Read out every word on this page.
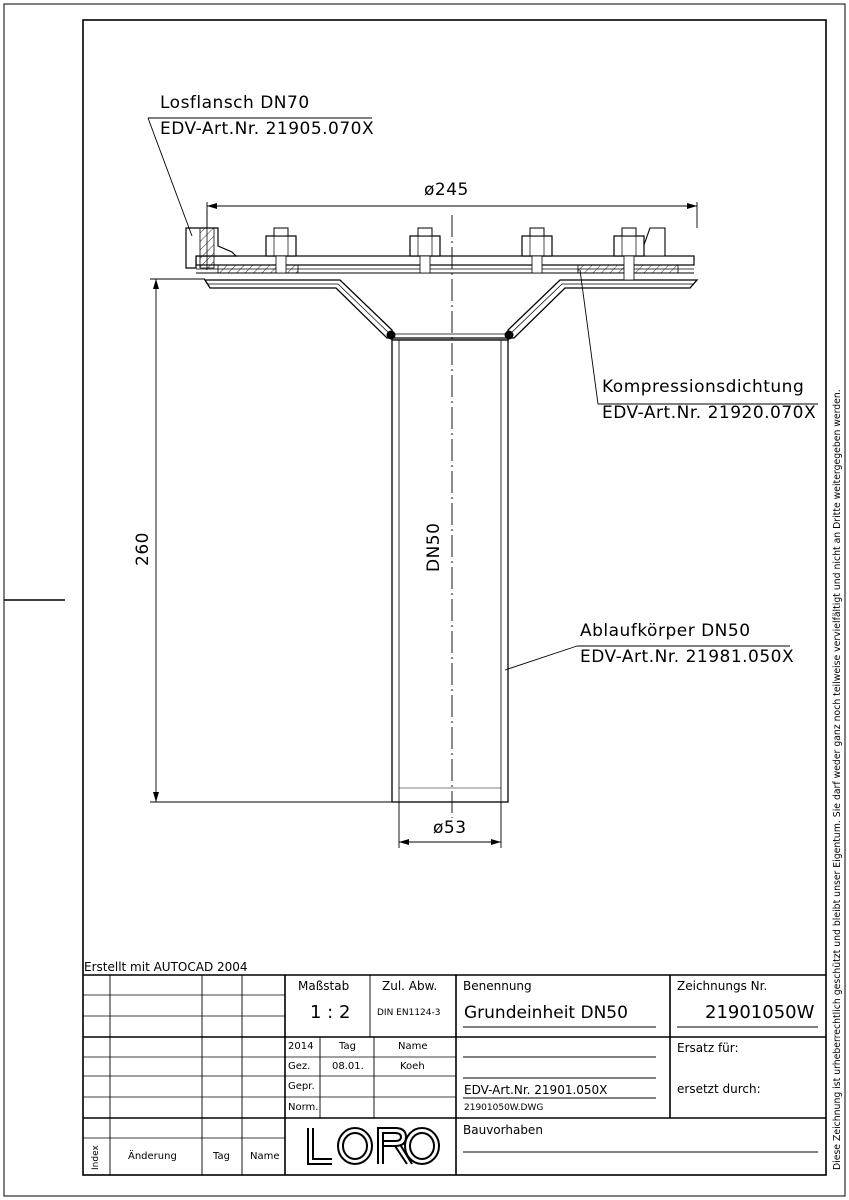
Losflansch DN70
EDV-Art.Nr. 21905.070X
ø245
Kompressionsdichtung
EDV-Art.Nr. 21920.070X
260	DN50
Ablaufkörper DN50
EDV-Art.Nr. 21981.050X
ø53
Erstellt mit AUTOCAD 2004
Maßstab
1 : 2
Zul. Abw.
DIN EN1124-3
Benennung
Grundeinheit DN50
Zeichnungs Nr.
21901050W
2014	Tag	Name
Gez. 08.01.	Koeh
Gepr.
Norm.
Ersatz für:
ersetzt durch:
EDV-Art.Nr. 21901.050X
21901050W.DWG
Bauvorhaben
Index	Änderung	Tag Name	Diese Zeichnung ist urheberrechtlich geschützt und bleibt unser Eigentum. Sie darf weder ganz noch teilweise vervielfältigt und nicht an Dritte weitergegeben werden.
